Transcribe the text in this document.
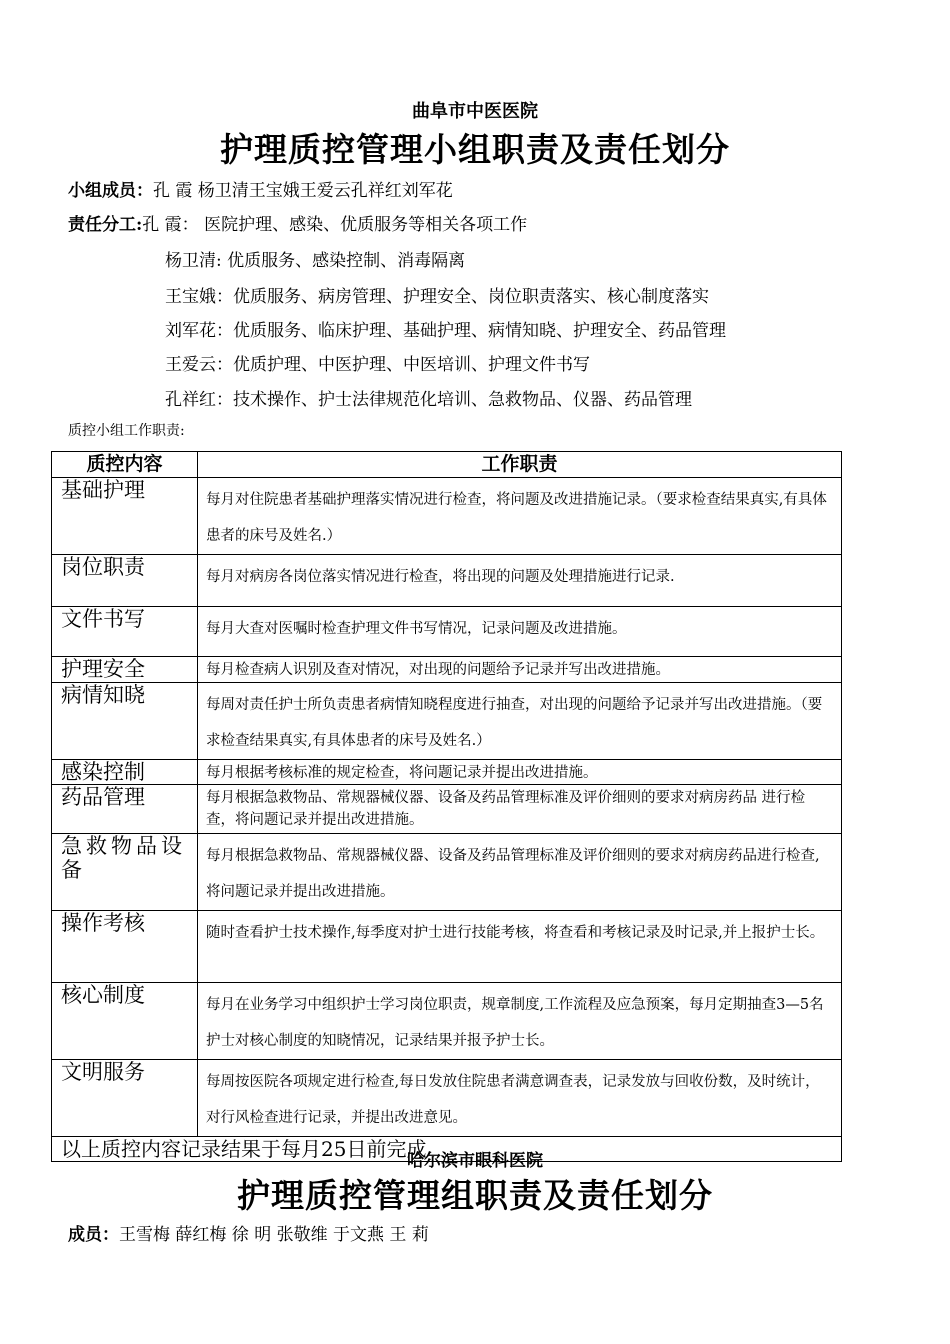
曲阜市中医医院
护理质控管理小组职责及责任划分
小组成员：孔 霞 杨卫清王宝娥王爱云孔祥红刘军花
责任分工:孔 霞： 医院护理、感染、优质服务等相关各项工作
杨卫清: 优质服务、感染控制、消毒隔离
王宝娥：优质服务、病房管理、护理安全、岗位职责落实、核心制度落实
刘军花：优质服务、临床护理、基础护理、病情知晓、护理安全、药品管理
王爱云：优质护理、中医护理、中医培训、护理文件书写
孔祥红：技术操作、护士法律规范化培训、急救物品、仪器、药品管理
质控小组工作职责:
质控内容	工作职责
基础护理	每月对住院患者基础护理落实情况进行检查，将问题及改进措施记录。（要求检查结果真实,有具体患者的床号及姓名.）
岗位职责	每月对病房各岗位落实情况进行检查，将出现的问题及处理措施进行记录.
文件书写	每月大查对医嘱时检查护理文件书写情况，记录问题及改进措施。
护理安全	每月检查病人识别及查对情况，对出现的问题给予记录并写出改进措施。
病情知晓	每周对责任护士所负责患者病情知晓程度进行抽查，对出现的问题给予记录并写出改进措施。（要求检查结果真实,有具体患者的床号及姓名.）
感染控制	每月根据考核标准的规定检查，将问题记录并提出改进措施。
药品管理	每月根据急救物品、常规器械仪器、设备及药品管理标准及评价细则的要求对病房药品 进行检查，将问题记录并提出改进措施。
急救物品设备	每月根据急救物品、常规器械仪器、设备及药品管理标准及评价细则的要求对病房药品进行检查,将问题记录并提出改进措施。
操作考核	随时查看护士技术操作,每季度对护士进行技能考核，将查看和考核记录及时记录,并上报护士长。
核心制度	每月在业务学习中组织护士学习岗位职责，规章制度,工作流程及应急预案，每月定期抽查3—5名护士对核心制度的知晓情况，记录结果并报予护士长。
文明服务	每周按医院各项规定进行检查,每日发放住院患者满意调查表，记录发放与回收份数，及时统计，对行风检查进行记录，并提出改进意见。
以上质控内容记录结果于每月25日前完成	
哈尔滨市眼科医院
护理质控管理组职责及责任划分
成员：王雪梅 薛红梅 徐 明 张敬维 于文燕 王 莉
